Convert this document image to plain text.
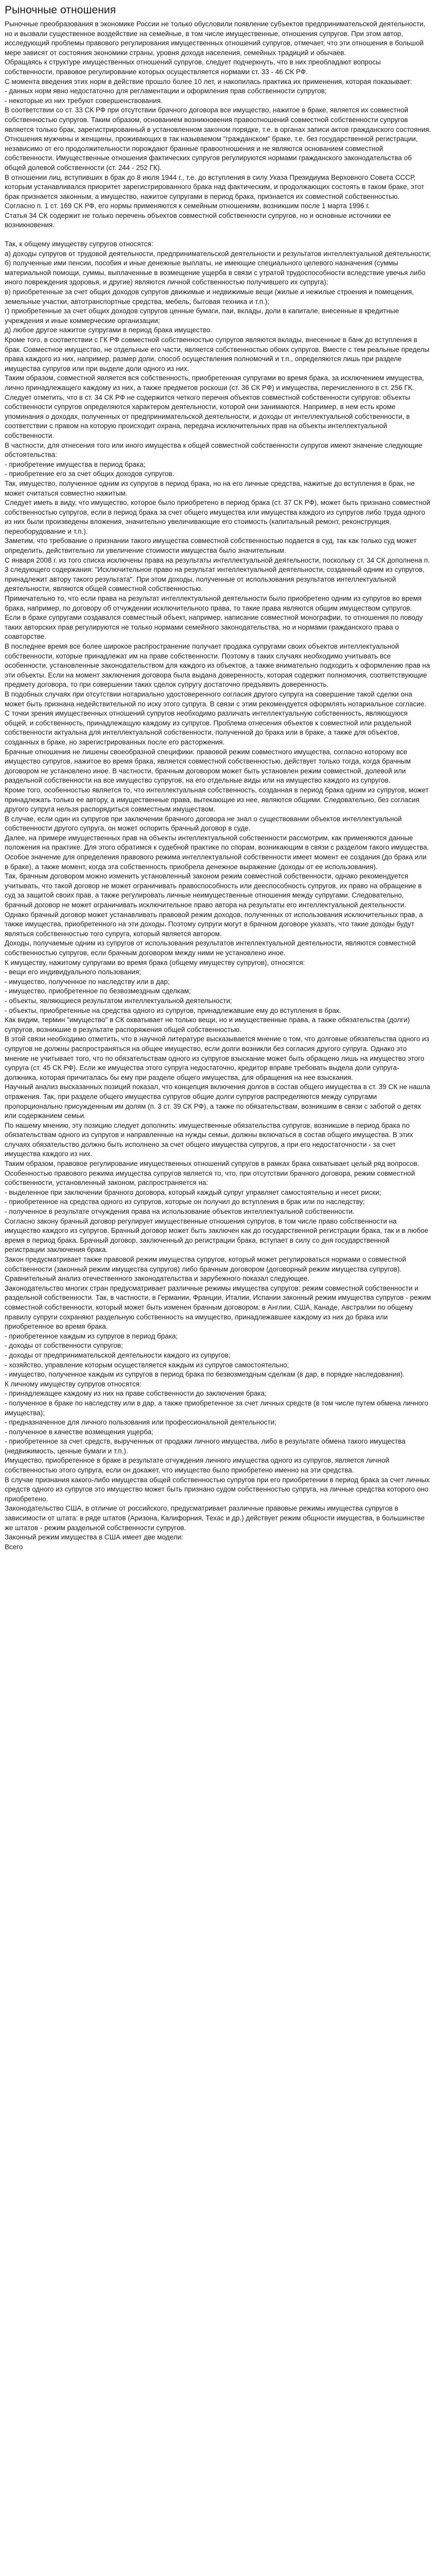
Рыночные отношения

Рыночные преобразования в экономике России не только обусловили появление субъектов предпринимательской деятельности, но и вызвали существенное воздействие на семейные, в том числе имущественные, отношения супругов. При этом автор, исследующий проблемы правового регулирования имущественных отношений супругов, отмечает, что эти отношения в большой мере зависят от состояния экономики страны, уровня дохода населения, семейных традиций и обычаев.

Обращаясь к структуре имущественных отношений супругов, следует подчеркнуть, что в них преобладают вопросы собственности, правовое регулирование которых осуществляется нормами ст. 33 - 46 СК РФ.

С момента введения этих норм в действие прошло более 10 лет, и накопилась практика их применения, которая показывает:

- данных норм явно недостаточно для регламентации и оформления прав собственности супругов;

- некоторые из них требуют совершенствования.

В соответствии со ст. 33 СК РФ при отсутствии брачного договора все имущество, нажитое в браке, является их совместной собственностью супругов. Таким образом, основанием возникновения правоотношений совместной собственности супругов является только брак, зарегистрированный в установленном законом порядке, т.е. в органах записи актов гражданского состояния. Отношения мужчины и женщины, проживающих в так называемом "гражданском" браке, т.е. без государственной регистрации, независимо от его продолжительности порождают бранные правоотношения и не являются основанием совместной собственности. Имущественные отношения фактических супругов регулируются нормами гражданского законодательства об общей долевой собственности (ст. 244 - 252 ГК).

В отношении лиц, вступивших в брак до 8 июля 1944 г., т.е. до вступления в силу Указа Президиума Верховного Совета СССР, которым устанавливался приоритет зарегистрированного брака над фактическим, и продолжающих состоять в таком браке, этот брак признается законным, а имущество, нажитое супругами в период брака, признается их совместной собственностью. Согласно п. 1 ст. 169 СК РФ, его нормы применяются к семейным отношениям, возникшим после 1 марта 1996 г.

Статья 34 СК содержит не только перечень объектов совместной собственности супругов, но и основные источники ее возникновения.

Так, к общему имуществу супругов относятся:

а) доходы супругов от трудовой деятельности, предпринимательской деятельности и результатов интеллектуальной деятельности;

б) полученные ими пенсии, пособия и иные денежные выплаты, не имеющие специального целевого назначения (суммы материальной помощи, суммы, выплаченные в возмещение ущерба в связи с утратой трудоспособности вследствие увечья либо иного повреждения здоровья, и другие) являются личной собственностью получившего их супруга);

в) приобретенные за счет общих доходов супругов движимые и недвижимые вещи (жилые и нежилые строения и помещения, земельные участки, автотранспортные средства, мебель, бытовая техника и т.п.);

г) приобретенные за счет общих доходов супругов ценные бумаги, паи, вклады, доли в капитале, внесенные в кредитные учреждения и иные коммерческие организации;

д) любое другое нажитое супругами в период брака имущество.

Кроме того, в соответствии с ГК РФ совместной собственностью супругов являются вклады, внесенные в банк до вступления в брак. Совместное имущество, не отдельные его части, является собственностью обоих супругов. Вместе с тем реальные пределы права каждого из них, например, размер доли, способ осуществления полномочий и т.п., определяются лишь при разделе имущества супругов или при выделе доли одного из них.

Таким образом, совместной является вся собственность, приобретенная супругами во время брака, за исключением имущества, лично принадлежащего каждому из них, а также предметов роскоши (ст. 36 СК РФ) и имущества, перечисленного в ст. 256 ГК.

Следует отметить, что в ст. 34 СК РФ не содержится четкого перечня объектов совместной собственности супругов: объекты собственности супругов определяются характером деятельности, которой они занимаются. Например, в нем есть кроме упоминания о доходах, полученных от предпринимательской деятельности, и доходы от интеллектуальной собственности, в соответствии с правом на которую происходит охрана, передача исключительных прав на объекты интеллектуальной собственности.

В частности, для отнесения того или иного имущества к общей совместной собственности супругов имеют значение следующие обстоятельства:

- приобретение имущества в период брака;

- приобретение его за счет общих доходов супругов.

Так, имущество, полученное одним из супругов в период брака, но на его личные средства, нажитые до вступления в брак, не может считаться совместно нажитым.

Следует иметь в виду, что имущество, которое было приобретено в период брака (ст. 37 СК РФ), может быть признано совместной собственностью супругов, если в период брака за счет общего имущества или имущества каждого из супругов либо труда одного из них были произведены вложения, значительно увеличивающие его стоимость (капитальный ремонт, реконструкция, переоборудование и т.п.).

Заметим, что требование о признании такого имущества совместной собственностью подается в суд, так как только суд может определить, действительно ли увеличение стоимости имущества было значительным.

С января 2008 г. из того списка исключены права на результаты интеллектуальной деятельности, поскольку ст. 34 СК дополнена п. 3 следующего содержания: "Исключительное право на результат интеллектуальной деятельности, созданный одним из супругов, принадлежит автору такого результата". При этом доходы, полученные от использования результатов интеллектуальной деятельности, являются общей совместной собственностью.

Примечательно то, что если права на результат интеллектуальной деятельности было приобретено одним из супругов во время брака, например, по договору об отчуждении исключительного права, то такие права являются общим имуществом супругов.

Если в браке супругами создавался совместный объект, например, написание совместной монографии, то отношения по поводу таких авторских прав регулируются не только нормами семейного законодательства, но и нормами гражданского права о соавторстве.

В последнее время все более широкое распространение получает продажа супругами своих объектов интеллектуальной собственности, которые принадлежат им на праве собственности. Поэтому в таких случаях необходимо учитывать все особенности, установленные законодательством для каждого из объектов, а также внимательно подходить к оформлению прав на эти объекты. Если на момент заключения договора была выдана доверенность, которая содержит полномочия, соответствующие предмету договора, то при совершении таких сделок супругу достаточно предъявить доверенность.

В подобных случаях при отсутствии нотариально удостоверенного согласия другого супруга на совершение такой сделки она может быть признана недействительной по иску этого супруга. В связи с этим рекомендуется оформлять нотариальное согласие.

С точки зрения имущественных отношений супругов необходимо различать интеллектуальную собственность, являющуюся общей, и собственность, принадлежащую каждому из супругов. Проблема отнесения объектов к совместной или раздельной собственности актуальна для интеллектуальной собственности, полученной до брака или в браке, а также для объектов, созданных в браке, но зарегистрированных после его расторжения.

Брачные отношения не лишены своеобразной специфики: правовой режим совместного имущества, согласно которому все имущество супругов, нажитое во время брака, является совместной собственностью, действует только тогда, когда брачным договором не установлено иное. В частности, брачным договором может быть установлен режим совместной, долевой или раздельной собственности на все имущество супругов, на его отдельные виды или на имущество каждого из супругов.

Кроме того, особенностью является то, что интеллектуальная собственность, созданная в период брака одним из супругов, может принадлежать только ее автору, а имущественные права, вытекающие из нее, являются общими. Следовательно, без согласия другого супруга нельзя распорядиться совместным имуществом.

В случае, если один из супругов при заключении брачного договора не знал о существовании объектов интеллектуальной собственности другого супруга, он может оспорить брачный договор в суде.

Далее, на примере имущественных прав на объекты интеллектуальной собственности рассмотрим, как применяются данные положения на практике. Для этого обратимся к судебной практике по спорам, возникающим в связи с разделом такого имущества.

Особое значение для определения правового режима интеллектуальной собственности имеет момент ее создания (до брака или в браке), а также момент, когда эта собственность приобрела денежное выражение (доходы от ее использования).

Так, брачным договором можно изменить установленный законом режим совместной собственности, однако рекомендуется учитывать, что такой договор не может ограничивать правоспособность или дееспособность супругов, их право на обращение в суд за защитой своих прав, а также регулировать личные неимущественные отношения между супругами. Следовательно, брачный договор не может ограничивать исключительное право автора на результаты его интеллектуальной деятельности.

Однако брачный договор может устанавливать правовой режим доходов, полученных от использования исключительных прав, а также имущества, приобретенного на эти доходы. Поэтому супруги могут в брачном договоре указать, что такие доходы будут являться собственностью того супруга, который является автором.

Доходы, получаемые одним из супругов от использования результатов интеллектуальной деятельности, являются совместной собственностью супругов, если брачным договором между ними не установлено иное.

К имуществу, нажитому супругами во время брака (общему имуществу супругов), относятся:

- вещи его индивидуального пользования;

- имущество, полученное по наследству или в дар;

- имущество, приобретенное по безвозмездным сделкам;

- объекты, являющиеся результатом интеллектуальной деятельности;

- объекты, приобретенные на средства одного из супругов, принадлежавшие ему до вступления в брак.

Как видим, термин "имущество" в СК охватывает не только вещи, но и имущественные права, а также обязательства (долги) супругов, возникшие в результате распоряжения общей собственностью.

В этой связи необходимо отметить, что в научной литературе высказывается мнение о том, что долговые обязательства одного из супругов не должны распространяться на общее имущество, если долги возникли без согласия другого супруга. Однако это мнение не учитывает того, что по обязательствам одного из супругов взыскание может быть обращено лишь на имущество этого супруга (ст. 45 СК РФ). Если же имущества этого супруга недостаточно, кредитор вправе требовать выдела доли супруга-должника, которая причиталась бы ему при разделе общего имущества, для обращения на нее взыскания.

Научный анализ высказанных позиций показал, что концепция включения долгов в состав общего имущества в ст. 39 СК не нашла отражения. Так, при разделе общего имущества супругов общие долги супругов распределяются между супругами пропорционально присужденным им долям (п. 3 ст. 39 СК РФ), а также по обязательствам, возникшим в связи с заботой о детях или содержанием семьи.

По нашему мнению, эту позицию следует дополнить: имущественные обязательства супругов, возникшие в период брака по обязательствам одного из супругов и направленные на нужды семьи, должны включаться в состав общего имущества. В этих случаях обязательство должно быть исполнено за счет общего имущества супругов, а при его недостаточности - за счет имущества каждого из них.

Таким образом, правовое регулирование имущественных отношений супругов в рамках брака охватывает целый ряд вопросов.

Особенностью правового режима имущества супругов является то, что, при отсутствии брачного договора, режим совместной собственности, установленный законом, распространяется на:

- выделенное при заключении брачного договора, который каждый супруг управляет самостоятельно и несет риски;

- приобретенное на средства одного из супругов, которые он получил до вступления в брак или по наследству;

- полученное в результате отчуждения права на использование объектов интеллектуальной собственности.

Согласно закону брачный договор регулирует имущественные отношения супругов, в том числе право собственности на имущество каждого из супругов. Брачный договор может быть заключен как до государственной регистрации брака, так и в любое время в период брака. Брачный договор, заключенный до регистрации брака, вступает в силу со дня государственной регистрации заключения брака.

Закон предусматривает также правовой режим имущества супругов, который может регулироваться нормами о совместной собственности (законный режим имущества супругов) либо брачным договором (договорный режим имущества супругов).

Сравнительный анализ отечественного законодательства и зарубежного показал следующее.

Законодательство многих стран предусматривает различные режимы имущества супругов: режим совместной собственности и раздельной собственности. Так, в частности, в Германии, Франции, Италии, Испании законный режим имущества супругов - режим совместной собственности, который может быть изменен брачным договором; в Англии, США, Канаде, Австралии по общему правилу супруги сохраняют раздельную собственность на имущество, принадлежавшее каждому из них до брака или приобретенное во время брака.

- приобретенное каждым из супругов в период брака;

- доходы от собственности супругов;

- доходы от предпринимательской деятельности каждого из супругов;

- хозяйство, управление которым осуществляется каждым из супругов самостоятельно;

- имущество, полученное каждым из супругов в период брака по безвозмездным сделкам (в дар, в порядке наследования).

К личному имуществу супругов относятся:

- принадлежащее каждому из них на праве собственности до заключения брака;

- полученное в браке по наследству или в дар, а также приобретенное за счет личных средств (в том числе путем обмена личного имущества);

- предназначенное для личного пользования или профессиональной деятельности;

- полученное в качестве возмещения ущерба;

- приобретенное за счет средств, вырученных от продажи личного имущества, либо в результате обмена такого имущества (недвижимость, ценные бумаги и т.п.).

Имущество, приобретенное в браке в результате отчуждения личного имущества одного из супругов, является личной собственностью этого супруга, если он докажет, что имущество было приобретено именно на эти средства.

В случае признания какого-либо имущества общей собственностью супругов при его приобретении в период брака за счет личных средств одного из супругов это имущество может быть признано судом собственностью супруга, на личные средства которого оно приобретено.

Законодательство США, в отличие от российского, предусматривает различные правовые режимы имущества супругов в зависимости от штата: в ряде штатов (Аризона, Калифорния, Техас и др.) действует режим общности имущества, в большинстве же штатов - режим раздельной собственности супругов.

Законный режим имущества в США имеет две модели:

Всего
